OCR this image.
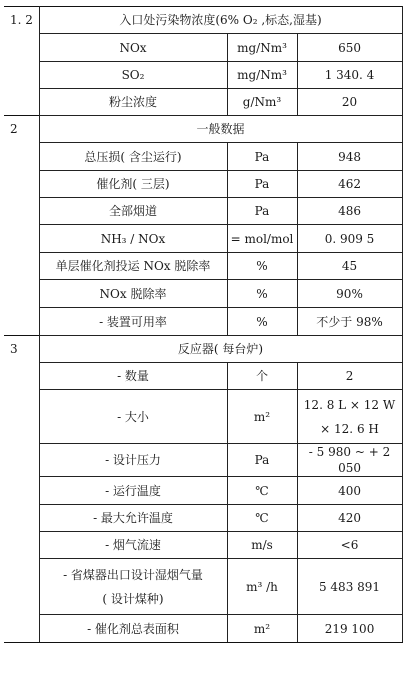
1. 2	入口处污染物浓度(6% O₂ ,标态,湿基)		
	NOx	mg/Nm³	650
	SO₂	mg/Nm³	1 340. 4
	粉尘浓度	g/Nm³	20
2	一般数据		
	总压损( 含尘运行)	Pa	948
	催化剂( 三层)	Pa	462
	全部烟道	Pa	486
	NH₃ / NOx	= mol/mol	0. 909 5
	单层催化剂投运 NOx 脱除率	%	45
	NOx 脱除率	%	90%
	- 装置可用率	%	不少于 98%
3	反应器( 每台炉)		
	- 数量	个	2
	- 大小	m²	12. 8 L × 12 W
× 12. 6 H

	- 设计压力	Pa	- 5 980 ~ + 2 050
	- 运行温度	℃	400
	- 最大允许温度	℃	420
	- 烟气流速	m/s	<6

	- 省煤器出口设计湿烟气量
( 设计煤种)	m³ /h	5 483 891
	- 催化剂总表面积	m²	219 100
